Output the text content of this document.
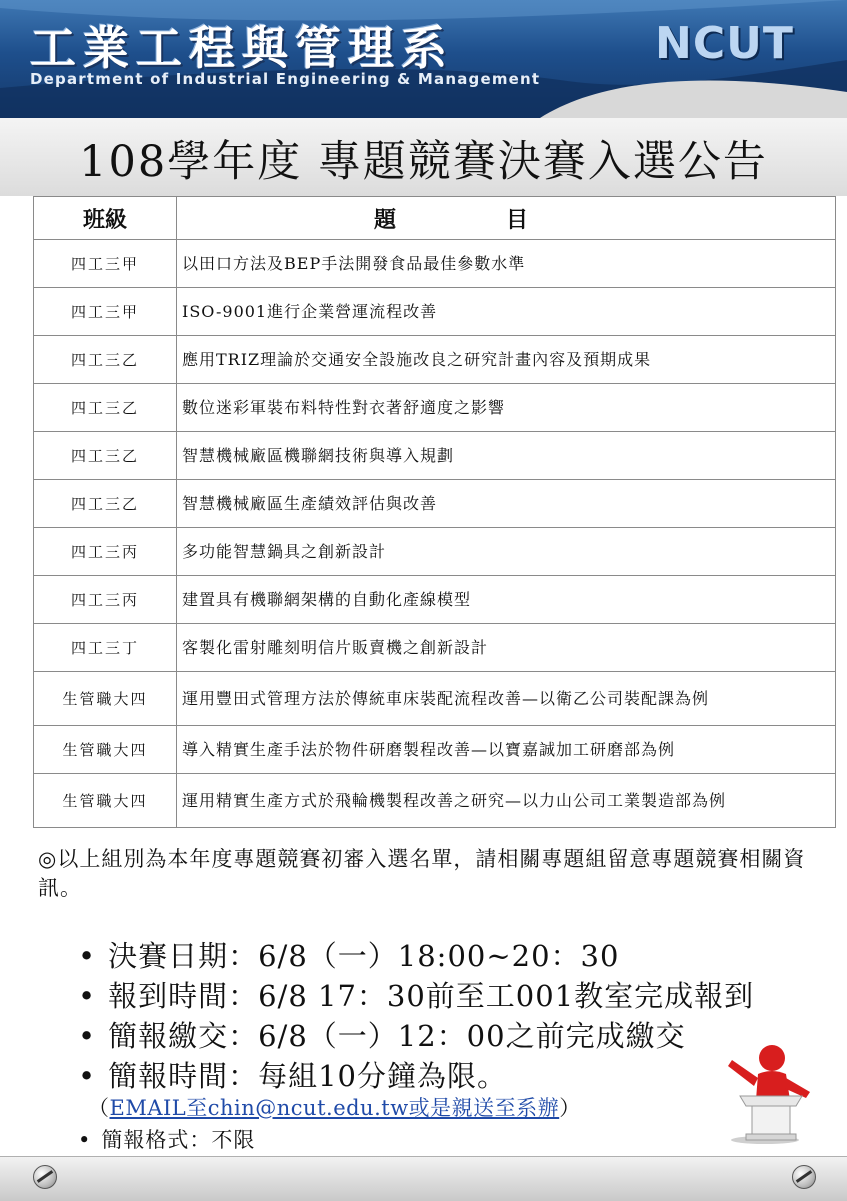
工業工程與管理系
Department of Industrial Engineering & Management
NCUT
108學年度 專題競賽決賽入選公告
班級	題目
四工三甲	以田口方法及BEP手法開發食品最佳參數水準
四工三甲	ISO-9001進行企業營運流程改善
四工三乙	應用TRIZ理論於交通安全設施改良之研究計畫內容及預期成果
四工三乙	數位迷彩軍裝布料特性對衣著舒適度之影響
四工三乙	智慧機械廠區機聯網技術與導入規劃
四工三乙	智慧機械廠區生產績效評估與改善
四工三丙	多功能智慧鍋具之創新設計
四工三丙	建置具有機聯網架構的自動化產線模型
四工三丁	客製化雷射雕刻明信片販賣機之創新設計
生管職大四	運用豐田式管理方法於傳統車床裝配流程改善—以衛乙公司裝配課為例
生管職大四	導入精實生產手法於物件研磨製程改善—以寶嘉誠加工研磨部為例
生管職大四	運用精實生產方式於飛輪機製程改善之研究—以力山公司工業製造部為例
◎以上組別為本年度專題競賽初審入選名單，請相關專題組留意專題競賽相關資訊。
• 決賽日期：6/8（一）18:00~20：30
• 報到時間：6/8 17：30前至工001教室完成報到
• 簡報繳交：6/8（一）12：00之前完成繳交
• 簡報時間：每組10分鐘為限。
（EMAIL至chin@ncut.edu.tw或是親送至系辦）
• 簡報格式：不限
